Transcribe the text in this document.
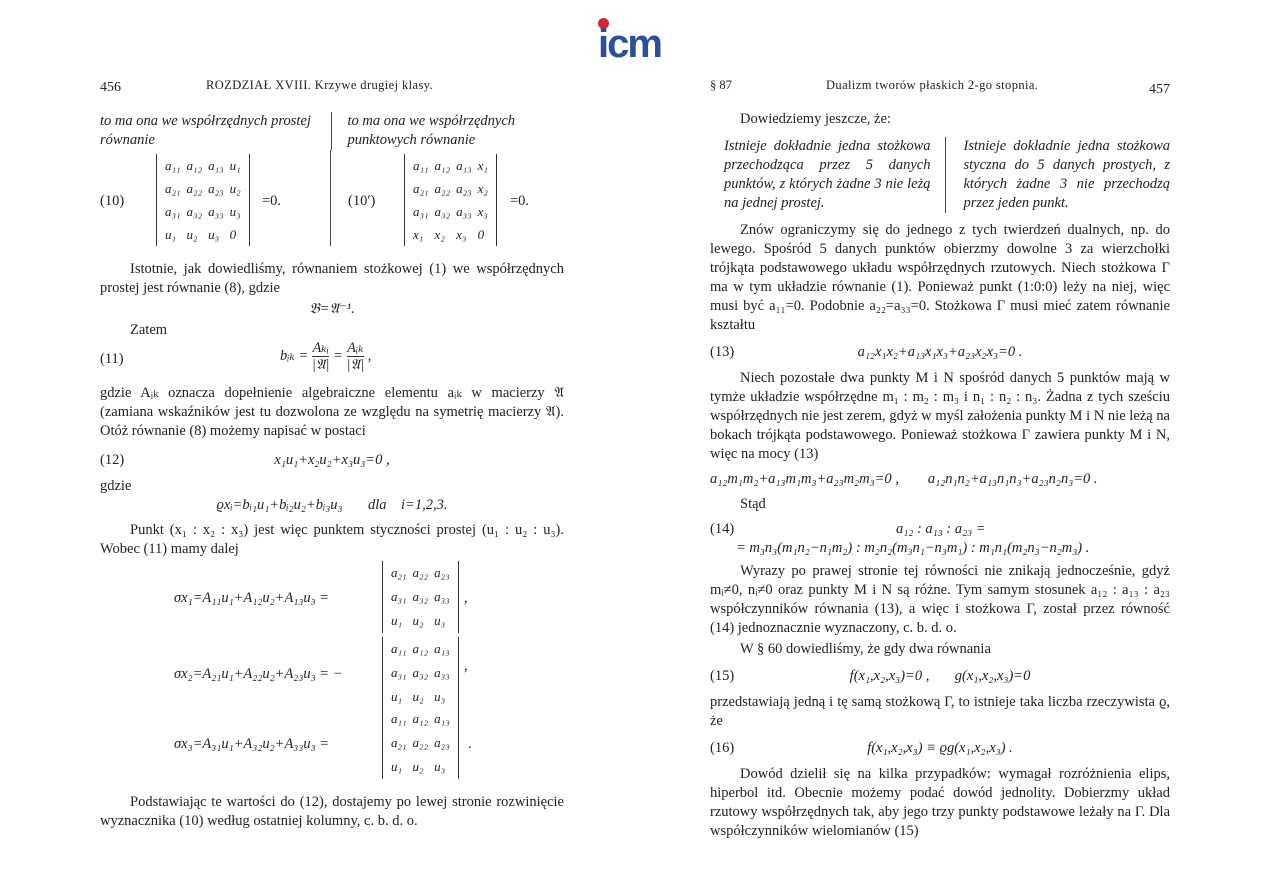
icm
456	ROZDZIAŁ XVIII. Krzywe drugiej klasy.
to ma ona we współrzędnych prostej równanie
to ma ona we współrzędnych punktowych równanie
(10)
a₁₁	a₁₂	a₁₃	u₁
a₂₁	a₂₂	a₂₃	u₂
a₃₁	a₃₂	a₃₃	u₃
u₁	u₂	u₃	0
=0.	(10′)
a₁₁	a₁₂	a₁₃	x₁
a₂₁	a₂₂	a₂₃	x₂
a₃₁	a₃₂	a₃₃	x₃
x₁	x₂	x₃	0
=0.

Istotnie, jak dowiedliśmy, równaniem stożkowej (1) we współrzędnych prostej jest równanie (8), gdzie

𝔅=𝔄⁻¹.
Zatem
(11)	bᵢₖ = $\frac{\text{Aₖᵢ}}{\text{|𝔄|}} = \frac{\text{Aᵢₖ}}{\text{|𝔄|}}$ ,

gdzie Aᵢₖ oznacza dopełnienie algebraiczne elementu aᵢₖ w macierzy 𝔄 (zamiana wskaźników jest tu dozwolona ze względu na symetrię macierzy 𝔄). Otóż równanie (8) możemy napisać w postaci

(12)	x₁u₁+x₂u₂+x₃u₃=0 ,
gdzie
ϱxᵢ=bᵢ₁u₁+bᵢ₂u₂+bᵢ₃u₃       dla    i=1,2,3.

Punkt (x₁ : x₂ : x₃) jest więc punktem styczności prostej (u₁ : u₂ : u₃). Wobec (11) mamy dalej

σx₁=A₁₁u₁+A₁₂u₂+A₁₃u₃ =
a₂₁	a₂₂	a₂₃
a₃₁	a₃₂	a₃₃
u₁	u₂	u₃
,
σx₂=A₂₁u₁+A₂₂u₂+A₂₃u₃ = −
a₁₁	a₁₂	a₁₃
a₃₁	a₃₂	a₃₃
u₁	u₂	u₃
,
σx₃=A₃₁u₁+A₃₂u₂+A₃₃u₃ =
a₁₁	a₁₂	a₁₃
a₂₁	a₂₂	a₂₃
u₁	u₂	u₃
.

Podstawiając te wartości do (12), dostajemy po lewej stronie rozwinięcie wyznacznika (10) według ostatniej kolumny, c. b. d. o.

§ 87	Dualizm tworów płaskich 2-go stopnia.	457

Dowiedziemy jeszcze, że:

Istnieje dokładnie jedna stożkowa przechodząca przez 5 danych punktów, z których żadne 3 nie leżą na jednej prostej.
Istnieje dokładnie jedna stożkowa styczna do 5 danych prostych, z których żadne 3 nie przechodzą przez jeden punkt.

Znów ograniczymy się do jednego z tych twierdzeń dualnych, np. do lewego. Spośród 5 danych punktów obierzmy dowolne 3 za wierzchołki trójkąta podstawowego układu współrzędnych rzutowych. Niech stożkowa Γ ma w tym układzie równanie (1). Ponieważ punkt (1:0:0) leży na niej, więc musi być a₁₁=0. Podobnie a₂₂=a₃₃=0. Stożkowa Γ musi mieć zatem równanie kształtu

(13)	a₁₂x₁x₂+a₁₃x₁x₃+a₂₃x₂x₃=0 .

Niech pozostałe dwa punkty M i N spośród danych 5 punktów mają w tymże układzie współrzędne m₁ : m₂ : m₃ i n₁ : n₂ : n₃. Żadna z tych sześciu współrzędnych nie jest zerem, gdyż w myśl założenia punkty M i N nie leżą na bokach trójkąta podstawowego. Ponieważ stożkowa Γ zawiera punkty M i N, więc na mocy (13)

a₁₂m₁m₂+a₁₃m₁m₃+a₂₃m₂m₃=0 ,        a₁₂n₁n₂+a₁₃n₁n₃+a₂₃n₂n₃=0 .
Stąd
(14)	a₁₂ : a₁₃ : a₂₃ =
= m₃n₃(m₁n₂−n₁m₂) : m₂n₂(m₃n₁−n₃m₁) : m₁n₁(m₂n₃−n₂m₃) .

Wyrazy po prawej stronie tej równości nie znikają jednocześnie, gdyż mᵢ≠0, nᵢ≠0 oraz punkty M i N są różne. Tym samym stosunek a₁₂ : a₁₃ : a₂₃ współczynników równania (13), a więc i stożkowa Γ, został przez równość (14) jednoznacznie wyznaczony, c. b. d. o.

W § 60 dowiedliśmy, że gdy dwa równania

(15)	f(x₁,x₂,x₃)=0 ,       g(x₁,x₂,x₃)=0

przedstawiają jedną i tę samą stożkową Γ, to istnieje taka liczba rzeczywista ϱ, że

(16)	f(x₁,x₂,x₃) ≡ ϱg(x₁,x₂,x₃) .

Dowód dzielił się na kilka przypadków: wymagał rozróżnienia elips, hiperbol itd. Obecnie możemy podać dowód jednolity. Dobierzmy układ rzutowy współrzędnych tak, aby jego trzy punkty podstawowe leżały na Γ. Dla współczynników wielomianów (15)
